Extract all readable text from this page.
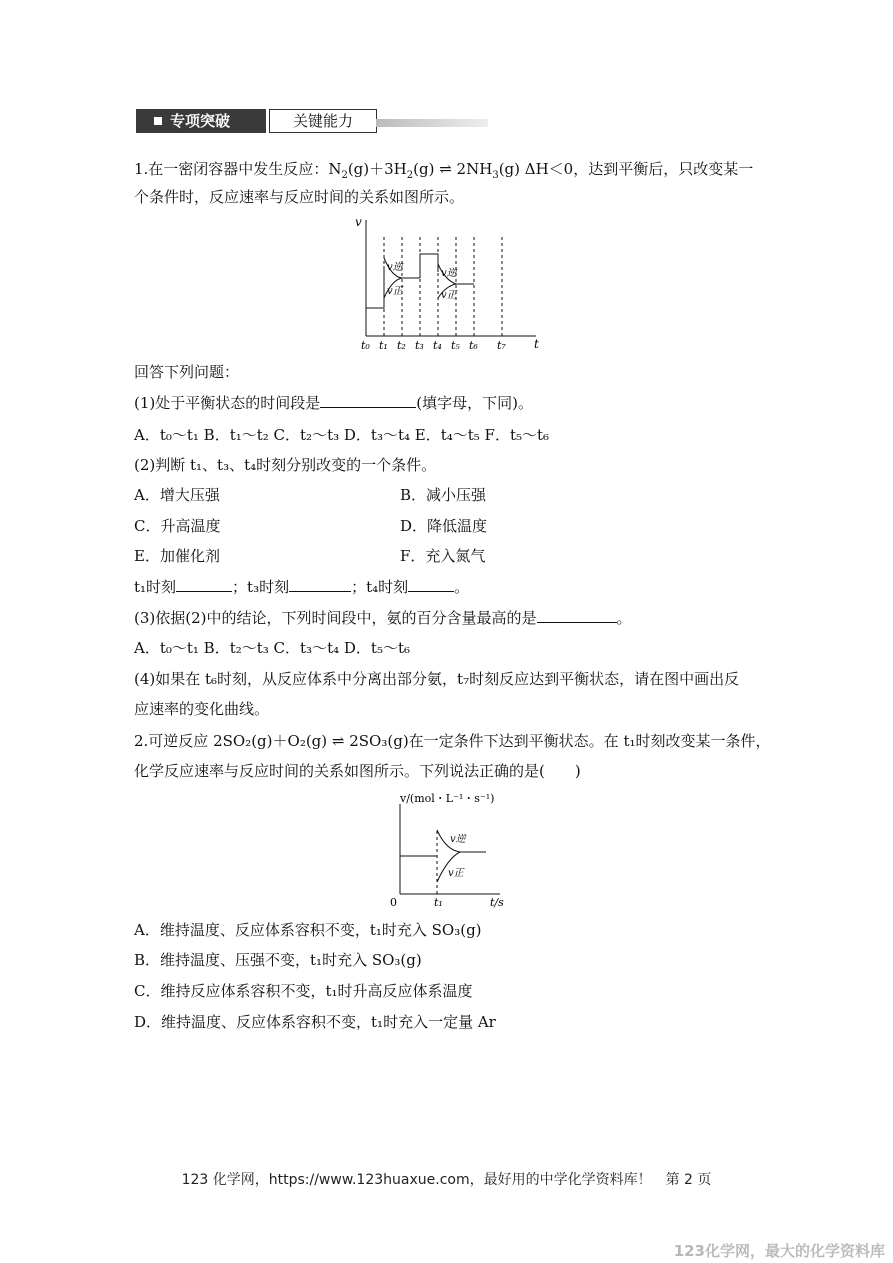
专项突破	关键能力
1.在一密闭容器中发生反应：$N_2(g)+3H_2(g)$ ⇌ $2NH_3(g)$ ΔH＜0，达到平衡后，只改变某一
个条件时，反应速率与反应时间的关系如图所示。
v
t
t₀ t₁ t₂ t₃ t₄ t₅ t₆ t₇
v逆
v正
v逆
v正
回答下列问题：
(1)处于平衡状态的时间段是	(填字母，下同)。
A．t₀～t₁ B．t₁～t₂ C．t₂～t₃ D．t₃～t₄ E．t₄～t₅ F．t₅～t₆
(2)判断 t₁、t₃、t₄时刻分别改变的一个条件。
A．增大压强	B．减小压强
C．升高温度	D．降低温度
E．加催化剂	F．充入氮气
t₁时刻	；t₃时刻	；t₄时刻	。
(3)依据(2)中的结论，下列时间段中，氨的百分含量最高的是	。
A．t₀～t₁ B．t₂～t₃ C．t₃～t₄ D．t₅～t₆
(4)如果在 t₆时刻，从反应体系中分离出部分氨，t₇时刻反应达到平衡状态，请在图中画出反
应速率的变化曲线。
2.可逆反应 2SO₂(g)＋O₂(g) ⇌ 2SO₃(g)在一定条件下达到平衡状态。在 t₁时刻改变某一条件，
化学反应速率与反应时间的关系如图所示。下列说法正确的是(　　)
v/(mol・L⁻¹・s⁻¹)
t/s
0	t₁
v逆
v正
A．维持温度、反应体系容积不变，t₁时充入 SO₃(g)
B．维持温度、压强不变，t₁时充入 SO₃(g)
C．维持反应体系容积不变，t₁时升高反应体系温度
D．维持温度、反应体系容积不变，t₁时充入一定量 Ar
123 化学网，https://www.123huaxue.com，最好用的中学化学资料库！　第 2 页
123化学网，最大的化学资料库
